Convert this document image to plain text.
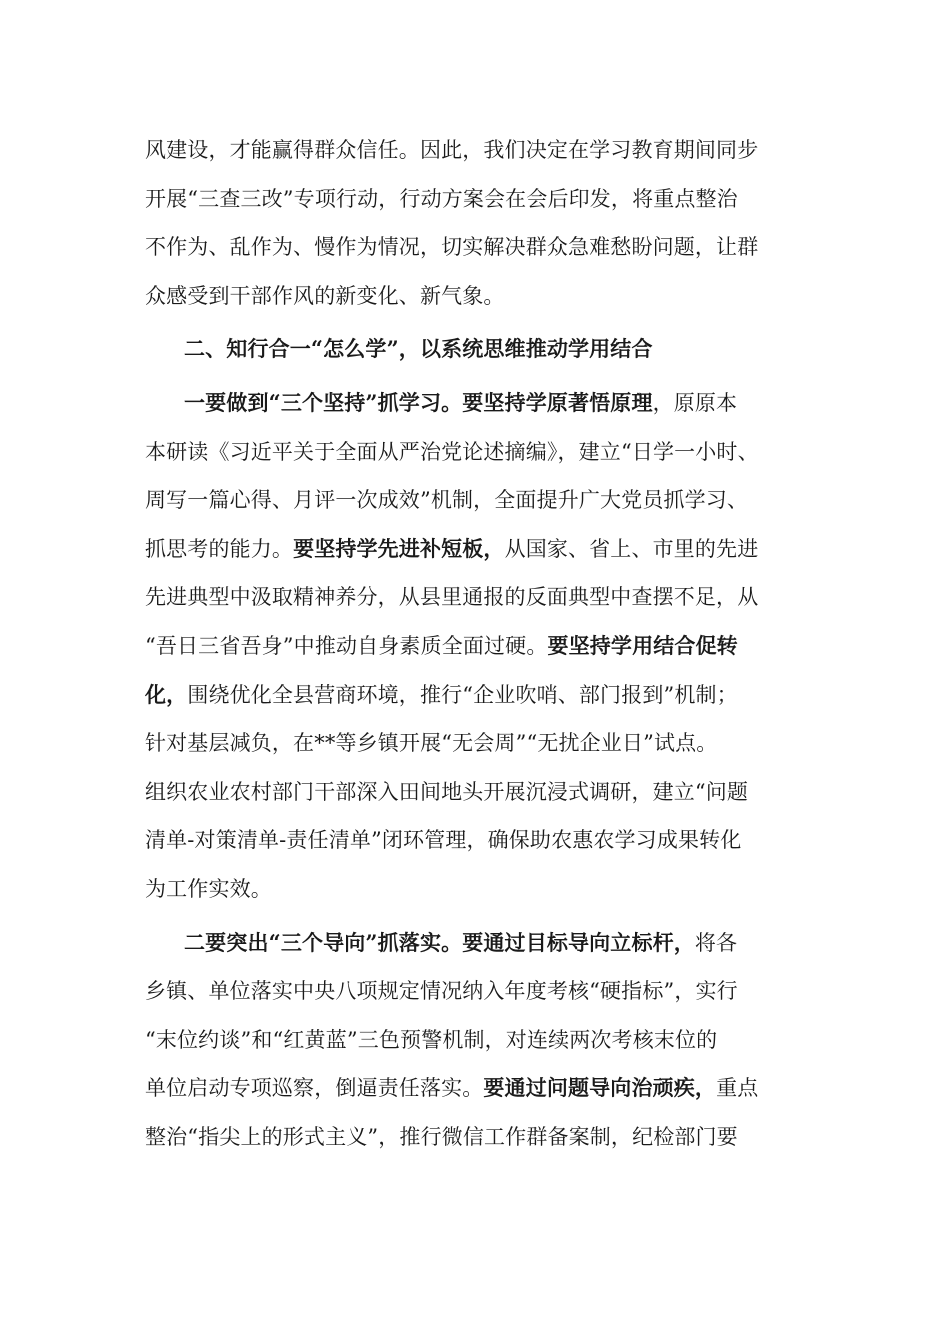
风建设，才能赢得群众信任。因此，我们决定在学习教育期间同步
开展“三查三改”专项行动，行动方案会在会后印发，将重点整治
不作为、乱作为、慢作为情况，切实解决群众急难愁盼问题，让群
众感受到干部作风的新变化、新气象。
二、知行合一“怎么学”，以系统思维推动学用结合
一要做到“三个坚持”抓学习。要坚持学原著悟原理，原原本
本研读《习近平关于全面从严治党论述摘编》，建立“日学一小时、
周写一篇心得、月评一次成效”机制，全面提升广大党员抓学习、
抓思考的能力。要坚持学先进补短板，从国家、省上、市里的先进
先进典型中汲取精神养分，从县里通报的反面典型中查摆不足，从
“吾日三省吾身”中推动自身素质全面过硬。要坚持学用结合促转
化，围绕优化全县营商环境，推行“企业吹哨、部门报到”机制；
针对基层减负，在**等乡镇开展“无会周”“无扰企业日”试点。
组织农业农村部门干部深入田间地头开展沉浸式调研，建立“问题
清单-对策清单-责任清单”闭环管理，确保助农惠农学习成果转化
为工作实效。
二要突出“三个导向”抓落实。要通过目标导向立标杆，将各
乡镇、单位落实中央八项规定情况纳入年度考核“硬指标”，实行
“末位约谈”和“红黄蓝”三色预警机制，对连续两次考核末位的
单位启动专项巡察，倒逼责任落实。要通过问题导向治顽疾，重点
整治“指尖上的形式主义”，推行微信工作群备案制，纪检部门要
